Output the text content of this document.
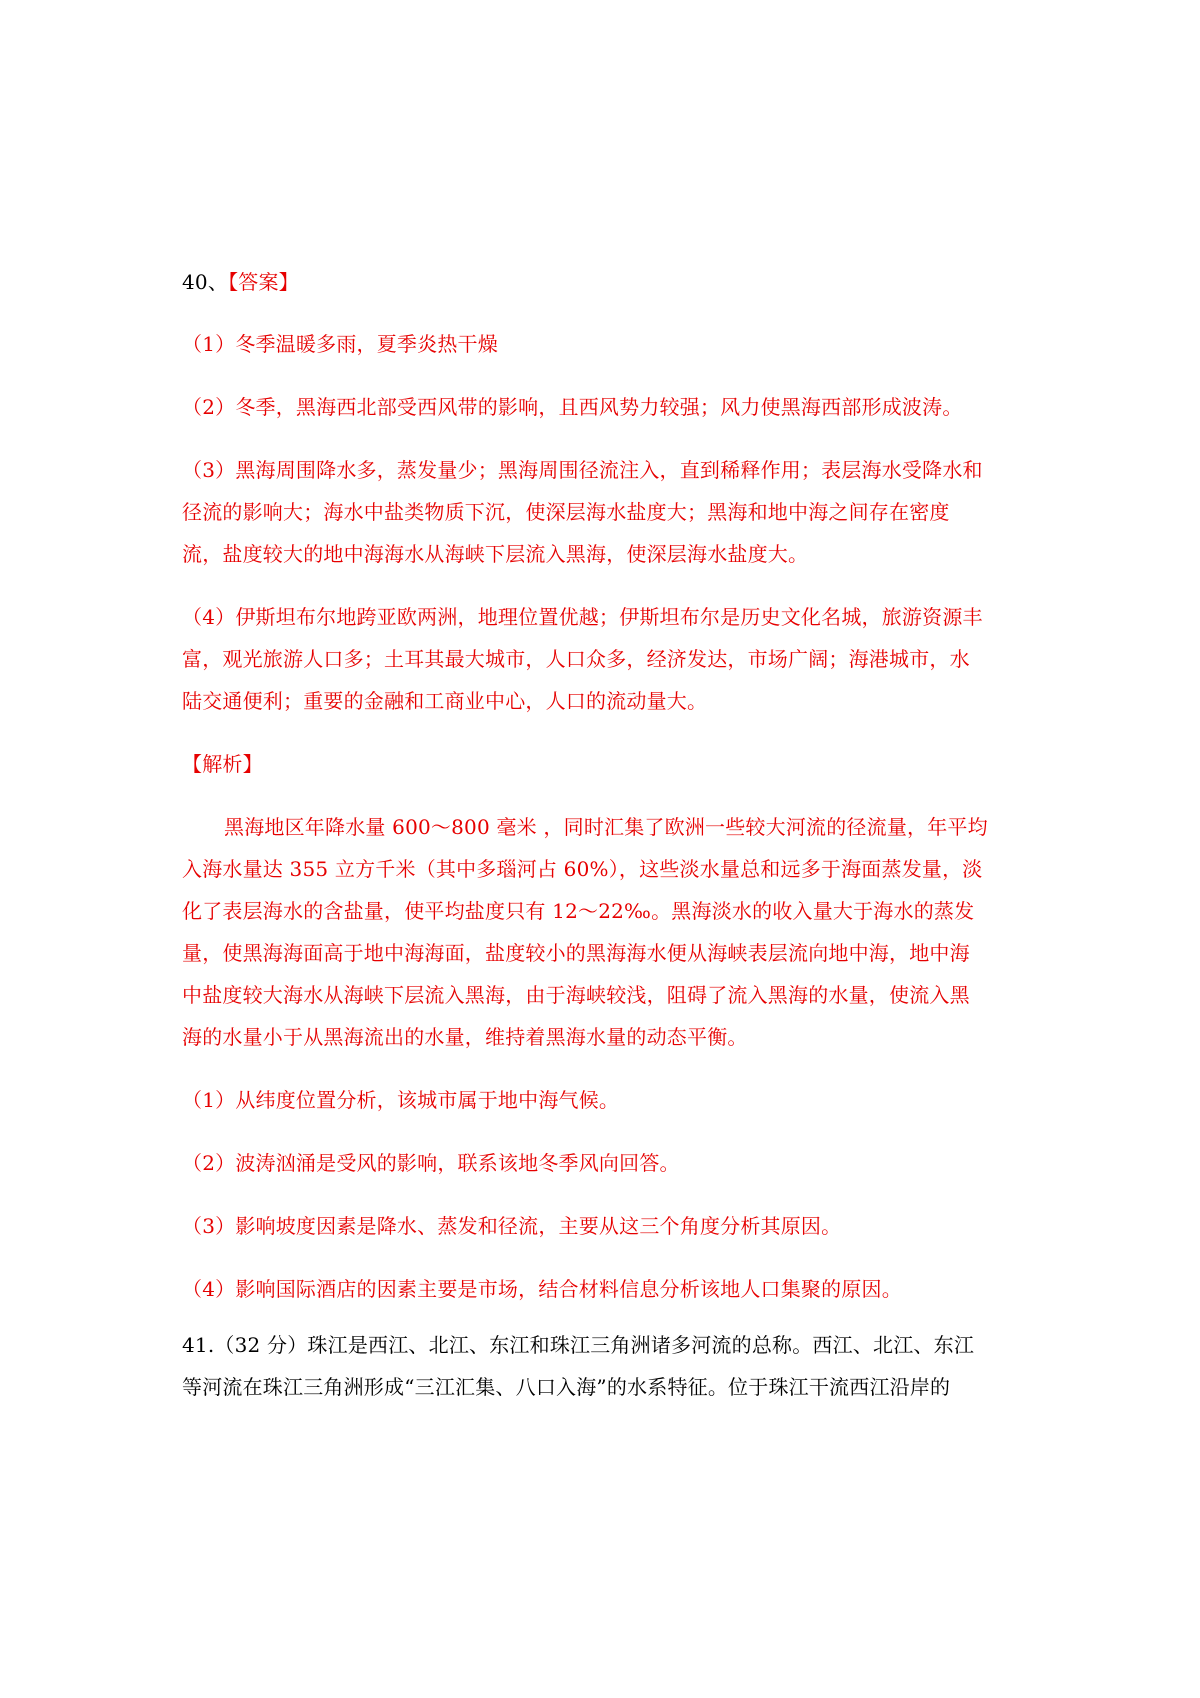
40、【答案】
（1）冬季温暖多雨，夏季炎热干燥
（2）冬季，黑海西北部受西风带的影响，且西风势力较强；风力使黑海西部形成波涛。
（3）黑海周围降水多，蒸发量少；黑海周围径流注入，直到稀释作用；表层海水受降水和
径流的影响大；海水中盐类物质下沉，使深层海水盐度大；黑海和地中海之间存在密度
流，盐度较大的地中海海水从海峡下层流入黑海，使深层海水盐度大。
（4）伊斯坦布尔地跨亚欧两洲，地理位置优越；伊斯坦布尔是历史文化名城，旅游资源丰
富，观光旅游人口多；土耳其最大城市，人口众多，经济发达，市场广阔；海港城市，水
陆交通便利；重要的金融和工商业中心，人口的流动量大。
【解析】
黑海地区年降水量 600～800 毫米 ，同时汇集了欧洲一些较大河流的径流量，年平均
入海水量达 355 立方千米（其中多瑙河占 60%），这些淡水量总和远多于海面蒸发量，淡
化了表层海水的含盐量，使平均盐度只有 12～22‰。黑海淡水的收入量大于海水的蒸发
量，使黑海海面高于地中海海面，盐度较小的黑海海水便从海峡表层流向地中海，地中海
中盐度较大海水从海峡下层流入黑海，由于海峡较浅，阻碍了流入黑海的水量，使流入黑
海的水量小于从黑海流出的水量，维持着黑海水量的动态平衡。
（1）从纬度位置分析，该城市属于地中海气候。
（2）波涛汹涌是受风的影响，联系该地冬季风向回答。
（3）影响坡度因素是降水、蒸发和径流，主要从这三个角度分析其原因。
（4）影响国际酒店的因素主要是市场，结合材料信息分析该地人口集聚的原因。
41.（32 分）珠江是西江、北江、东江和珠江三角洲诸多河流的总称。西江、北江、东江
等河流在珠江三角洲形成“三江汇集、八口入海”的水系特征。位于珠江干流西江沿岸的
